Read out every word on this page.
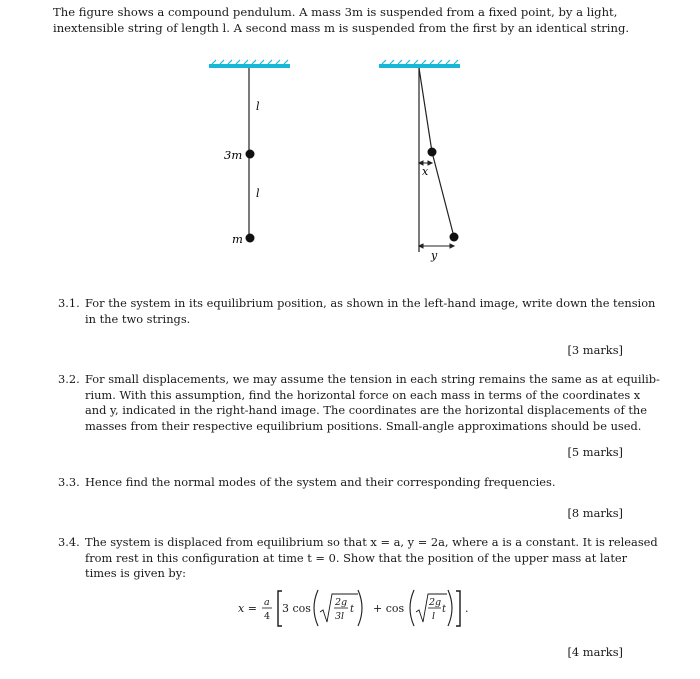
The figure shows a compound pendulum. A mass 3m is suspended from a fixed point, by a light,
inextensible string of length l. A second mass m is suspended from the first by an identical string.
l
l
3m
m
x
y
3.1. For the system in its equilibrium position, as shown in the left-hand image, write down the tension
in the two strings.
[3 marks]
3.2. For small displacements, we may assume the tension in each string remains the same as at equilib-
rium. With this assumption, find the horizontal force on each mass in terms of the coordinates x
and y, indicated in the right-hand image. The coordinates are the horizontal displacements of the
masses from their respective equilibrium positions. Small-angle approximations should be used.
[5 marks]
3.3. Hence find the normal modes of the system and their corresponding frequencies.
[8 marks]
3.4. The system is displaced from equilibrium so that x = a, y = 2a, where a is a constant. It is released
from rest in this configuration at time t = 0. Show that the position of the upper mass at later
times is given by:
x = a
4
3 cos	2g
3l
t + cos	2g
l
t .
[4 marks]
